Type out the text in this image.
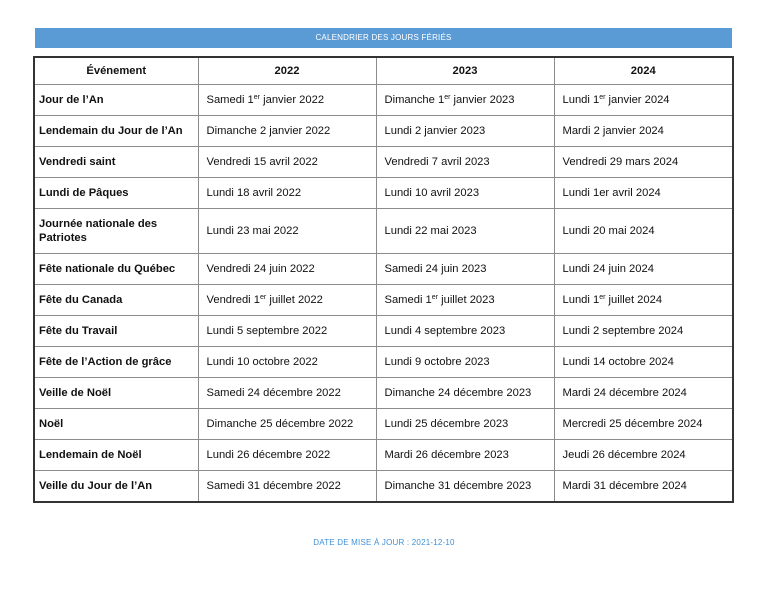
CALENDRIER DES JOURS FÉRIÉS
Événement	2022	2023	2024
Jour de l’An	Samedi 1er janvier 2022	Dimanche 1er janvier 2023	Lundi 1er janvier 2024
Lendemain du Jour de l’An	Dimanche 2 janvier 2022	Lundi 2 janvier 2023	Mardi 2 janvier 2024
Vendredi saint	Vendredi 15 avril 2022	Vendredi 7 avril 2023	Vendredi 29 mars 2024
Lundi de Pâques	Lundi 18 avril 2022	Lundi 10 avril 2023	Lundi 1er avril 2024
Journée nationale des Patriotes	Lundi 23 mai 2022	Lundi 22 mai 2023	Lundi 20 mai 2024
Fête nationale du Québec	Vendredi 24 juin 2022	Samedi 24 juin 2023	Lundi 24 juin 2024
Fête du Canada	Vendredi 1er juillet 2022	Samedi 1er juillet 2023	Lundi 1er juillet 2024
Fête du Travail	Lundi 5 septembre 2022	Lundi 4 septembre 2023	Lundi 2 septembre 2024
Fête de l’Action de grâce	Lundi 10 octobre 2022	Lundi 9 octobre 2023	Lundi 14 octobre 2024
Veille de Noël	Samedi 24 décembre 2022	Dimanche 24 décembre 2023	Mardi 24 décembre 2024
Noël	Dimanche 25 décembre 2022	Lundi 25 décembre 2023	Mercredi 25 décembre 2024
Lendemain de Noël	Lundi 26 décembre 2022	Mardi 26 décembre 2023	Jeudi 26 décembre 2024
Veille du Jour de l’An	Samedi 31 décembre 2022	Dimanche 31 décembre 2023	Mardi 31 décembre 2024
DATE DE MISE À JOUR : 2021-12-10
